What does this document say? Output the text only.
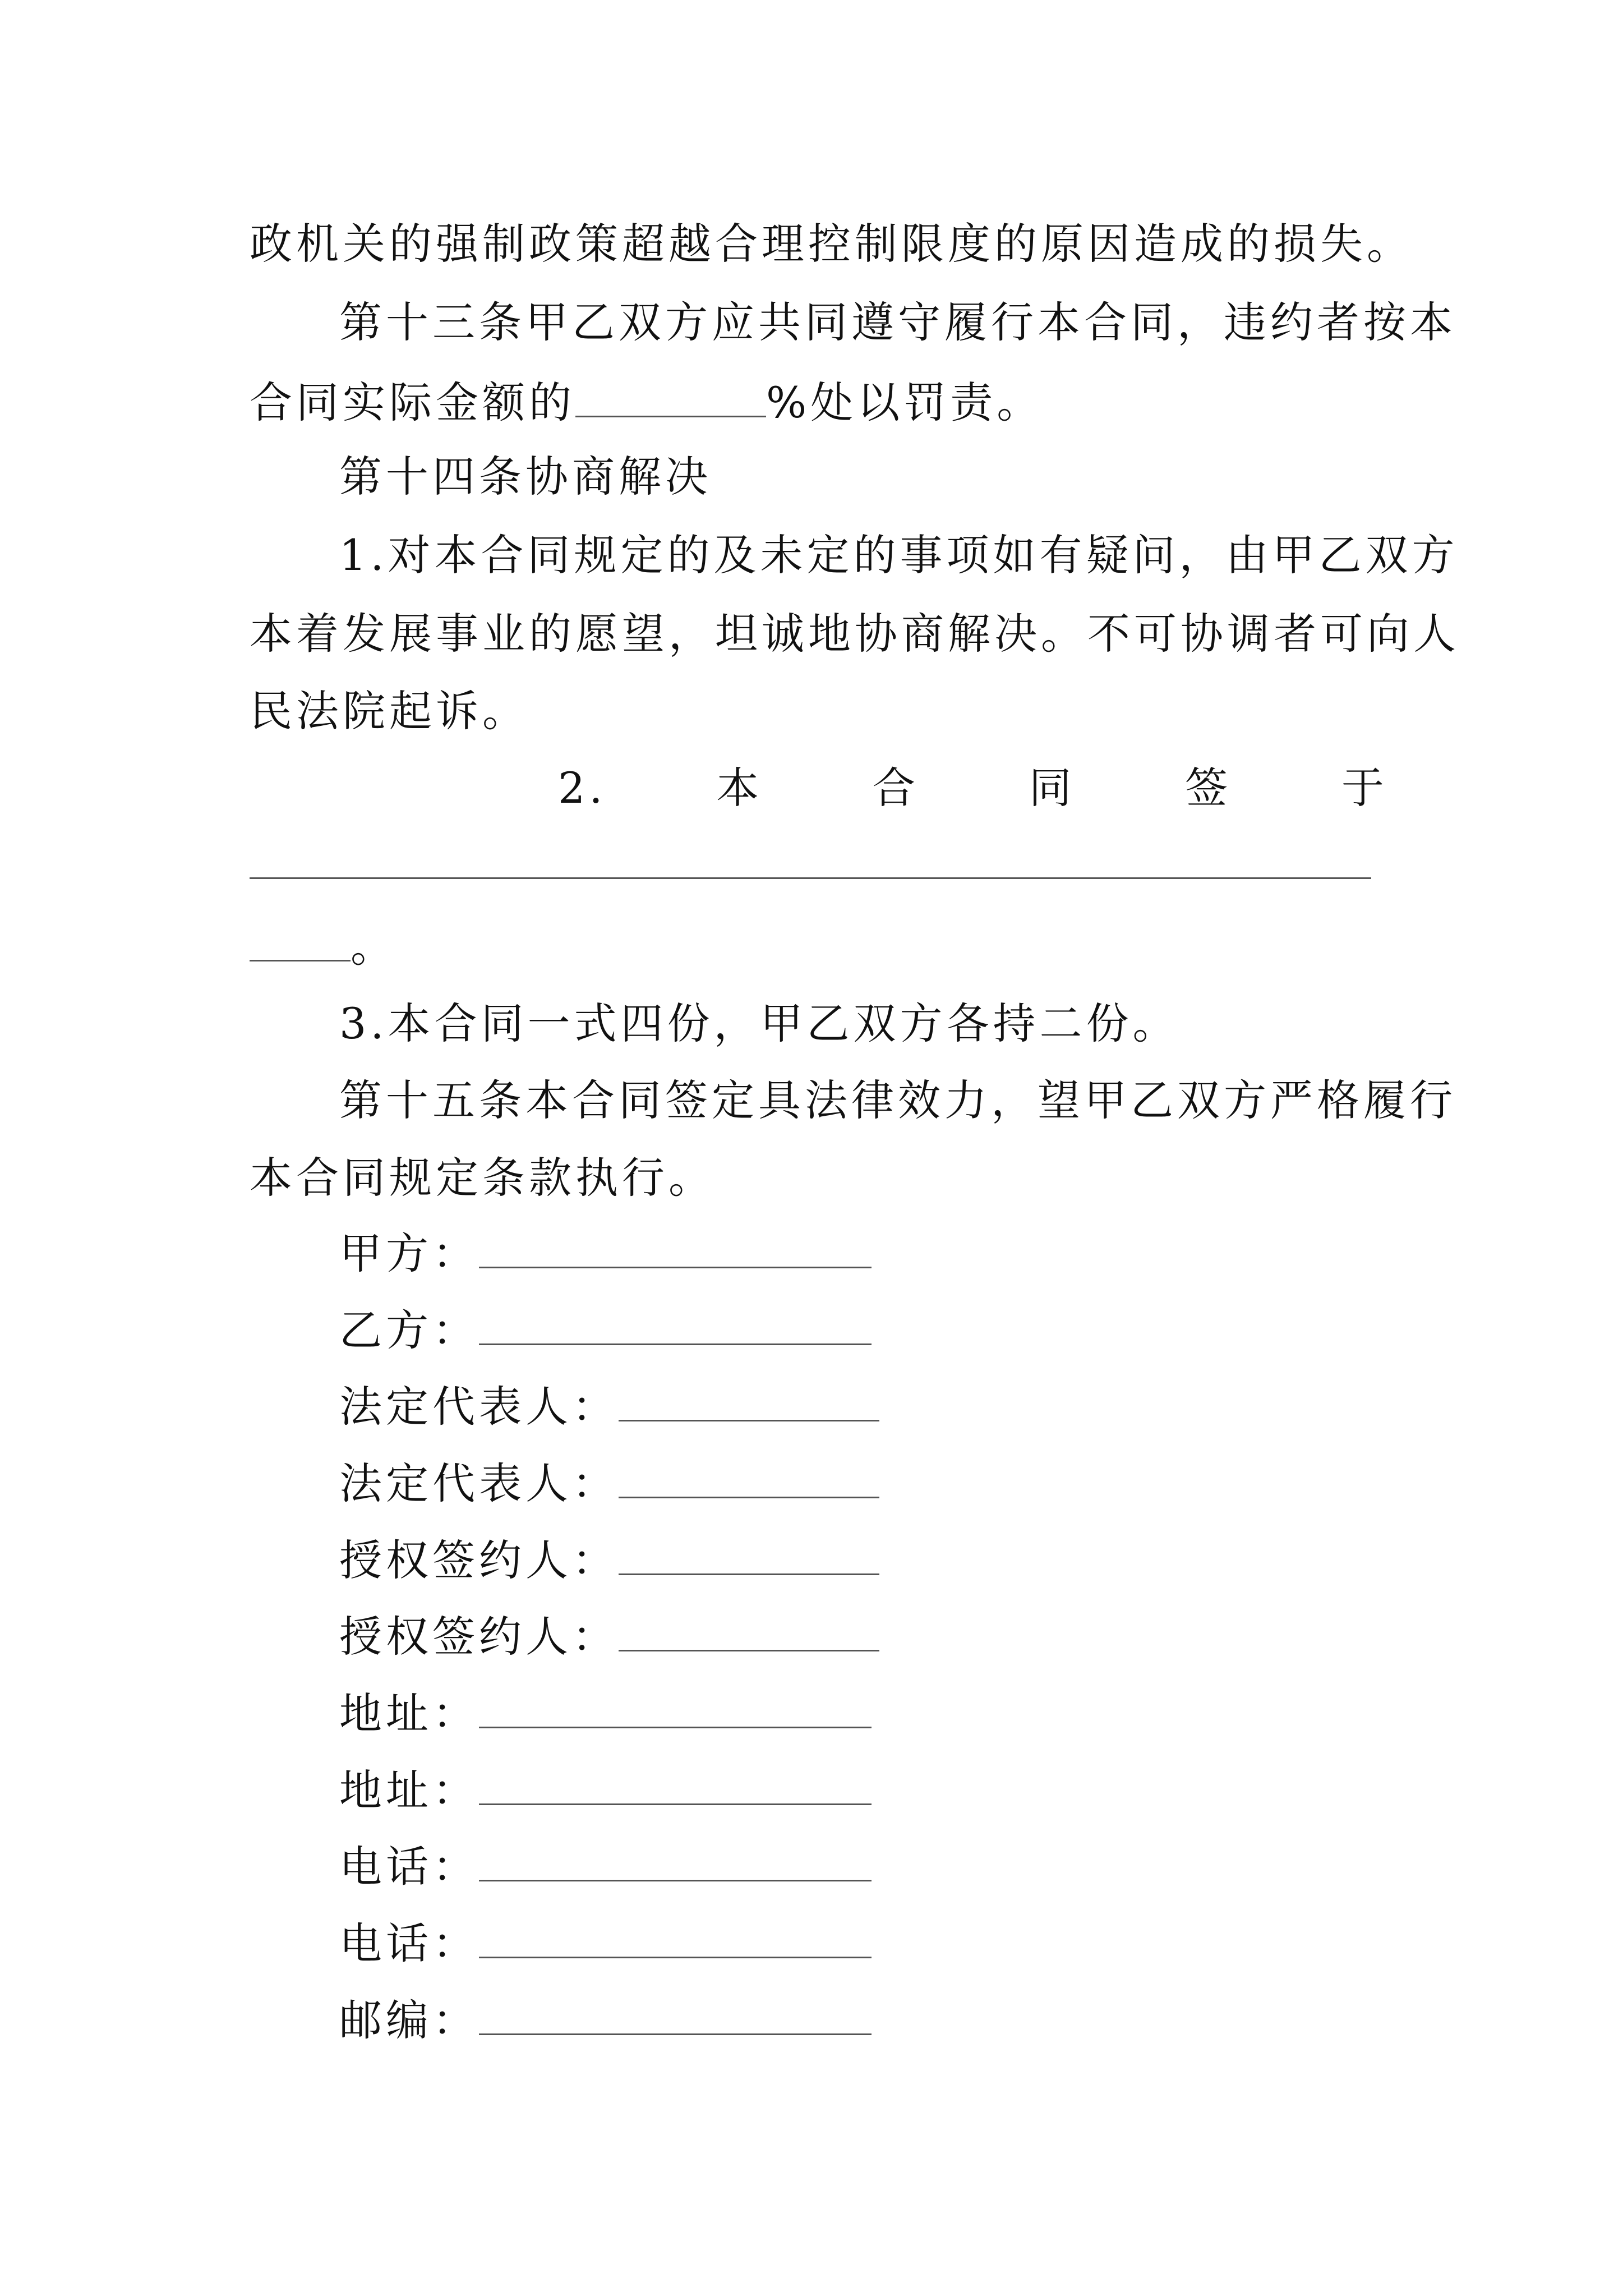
政机关的强制政策超越合理控制限度的原因造成的损失。
第十三条甲乙双方应共同遵守履行本合同，违约者按本
合同实际金额的	%处以罚责。
第十四条协商解决
1.对本合同规定的及未定的事项如有疑问，由甲乙双方
本着发展事业的愿望，坦诚地协商解决。不可协调者可向人
民法院起诉。
2.	本	合	同	签	于
。
3.本合同一式四份，甲乙双方各持二份。
第十五条本合同签定具法律效力，望甲乙双方严格履行
本合同规定条款执行。
甲方：
乙方：
法定代表人：
法定代表人：
授权签约人：
授权签约人：
地址：
地址：
电话：
电话：
邮编：
